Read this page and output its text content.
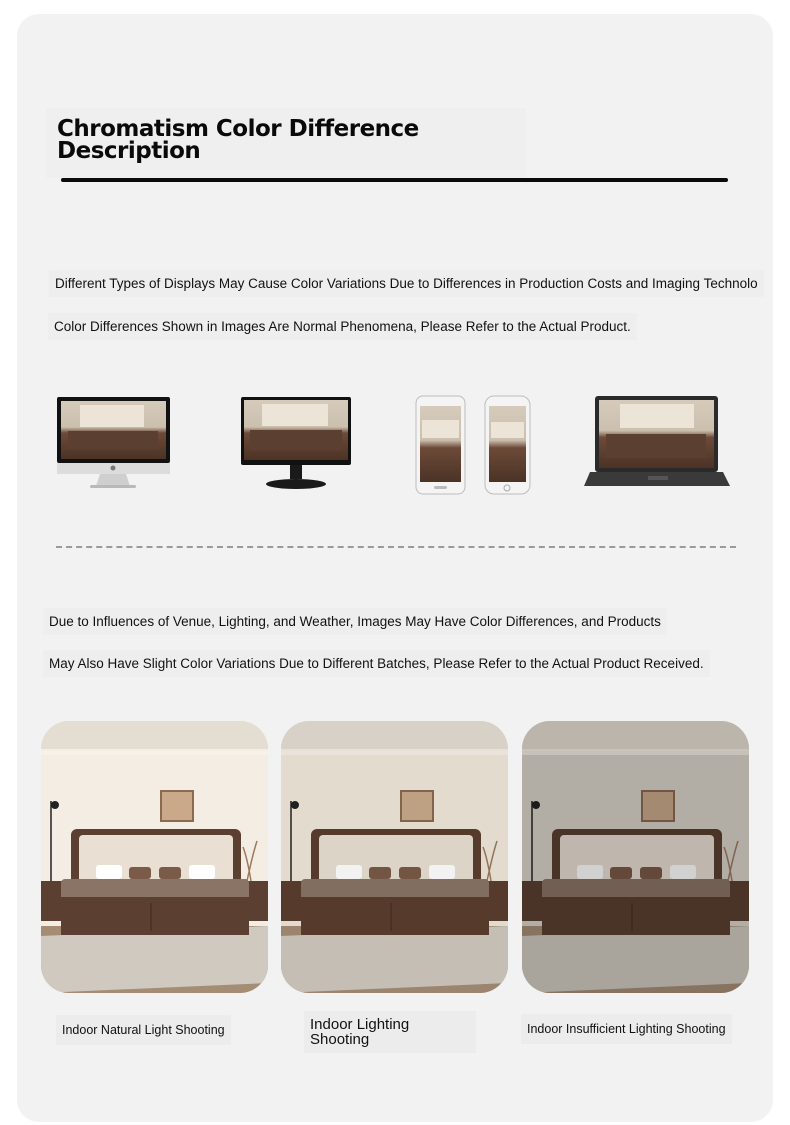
Chromatism Color Difference
Description
Different Types of Displays May Cause Color Variations Due to Differences in Production Costs and Imaging Technolo
Color Differences Shown in Images Are Normal Phenomena, Please Refer to the Actual Product.
Due to Influences of Venue, Lighting, and Weather, Images May Have Color Differences, and Products
May Also Have Slight Color Variations Due to Different Batches, Please Refer to the Actual Product Received.
Indoor Natural Light Shooting	Indoor Lighting
Shooting
Indoor Insufficient Lighting Shooting
